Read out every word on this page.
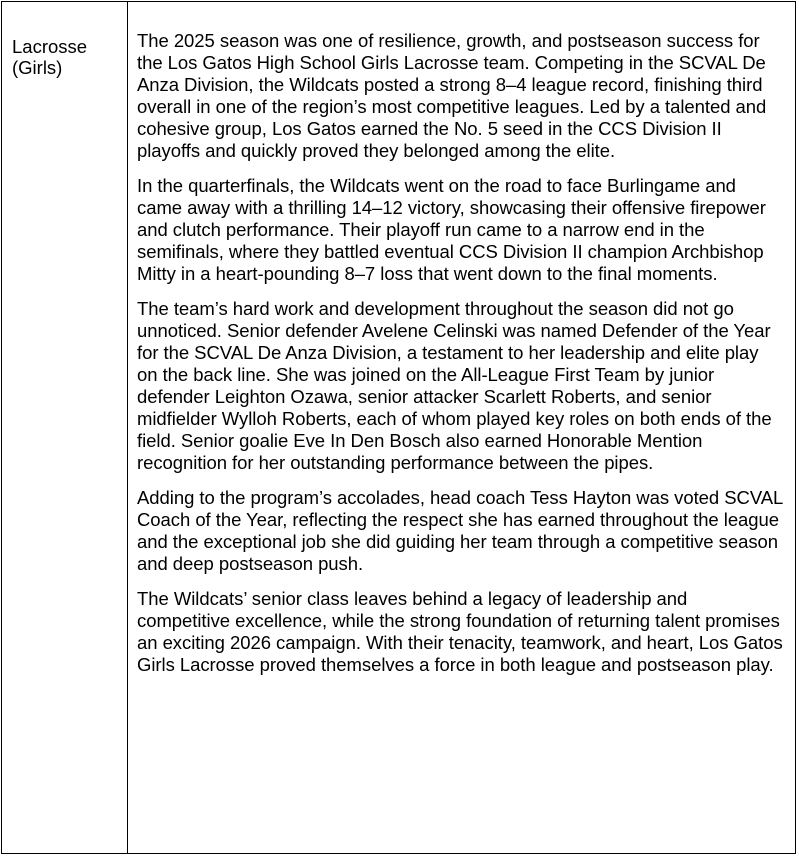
Lacrosse (Girls)

The 2025 season was one of resilience, growth, and postseason success for the Los Gatos High School Girls Lacrosse team. Competing in the SCVAL De Anza Division, the Wildcats posted a strong 8–4 league record, finishing third overall in one of the region’s most competitive leagues. Led by a talented and cohesive group, Los Gatos earned the No. 5 seed in the CCS Division II playoffs and quickly proved they belonged among the elite.

In the quarterfinals, the Wildcats went on the road to face Burlingame and came away with a thrilling 14–12 victory, showcasing their offensive firepower and clutch performance. Their playoff run came to a narrow end in the semifinals, where they battled eventual CCS Division II champion Archbishop Mitty in a heart-pounding 8–7 loss that went down to the final moments.

The team’s hard work and development throughout the season did not go unnoticed. Senior defender Avelene Celinski was named Defender of the Year for the SCVAL De Anza Division, a testament to her leadership and elite play on the back line. She was joined on the All-League First Team by junior defender Leighton Ozawa, senior attacker Scarlett Roberts, and senior midfielder Wylloh Roberts, each of whom played key roles on both ends of the field. Senior goalie Eve In Den Bosch also earned Honorable Mention recognition for her outstanding performance between the pipes.

Adding to the program’s accolades, head coach Tess Hayton was voted SCVAL Coach of the Year, reflecting the respect she has earned throughout the league and the exceptional job she did guiding her team through a competitive season and deep postseason push.

The Wildcats’ senior class leaves behind a legacy of leadership and competitive excellence, while the strong foundation of returning talent promises an exciting 2026 campaign. With their tenacity, teamwork, and heart, Los Gatos Girls Lacrosse proved themselves a force in both league and postseason play.
